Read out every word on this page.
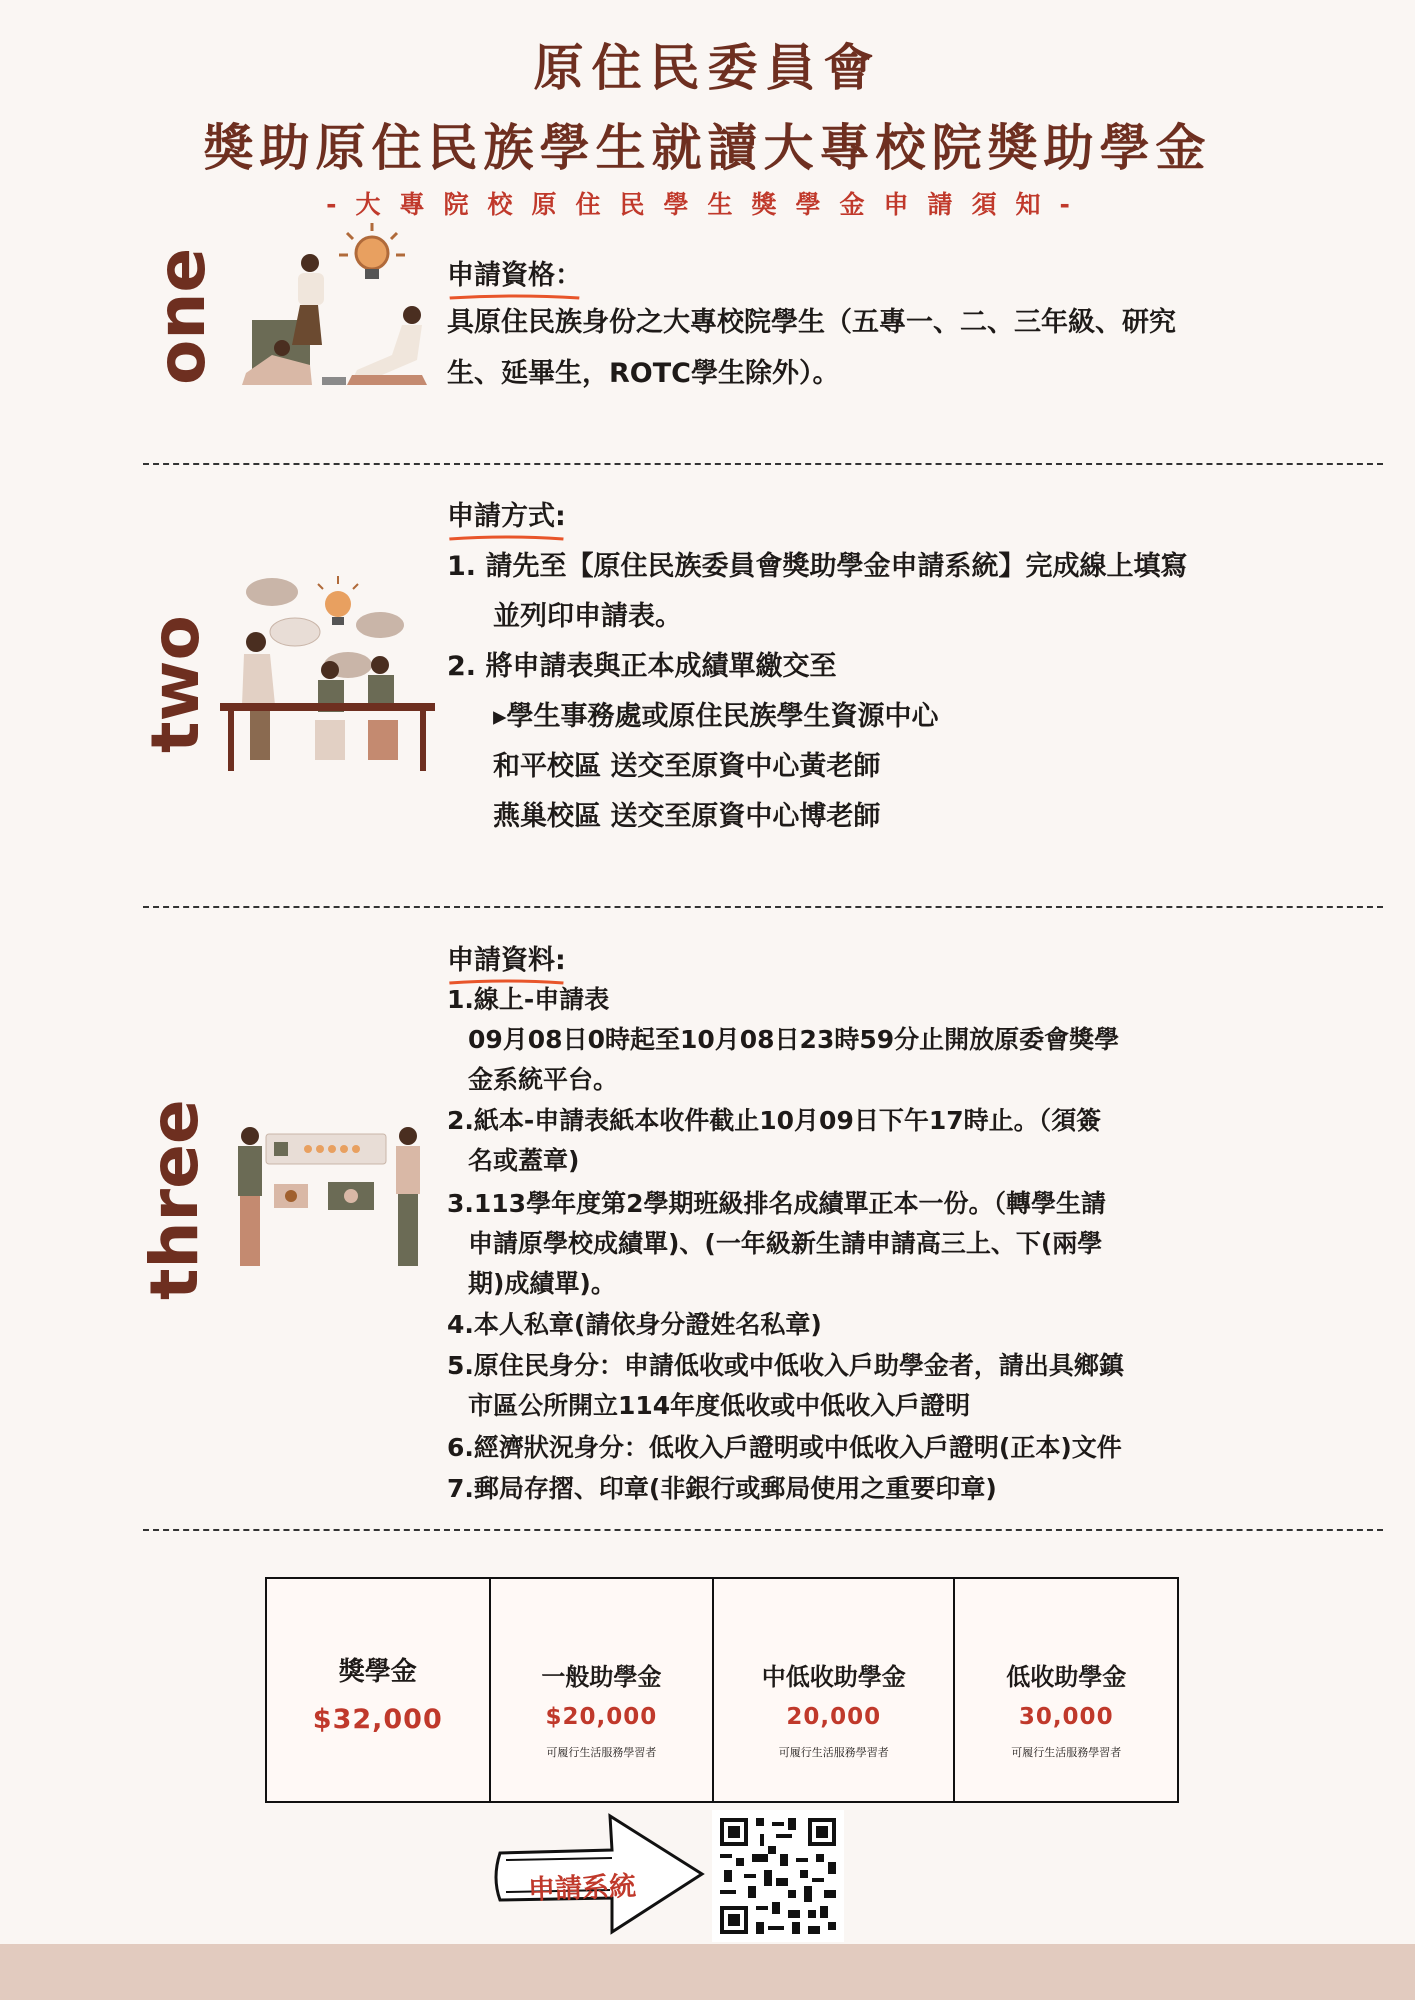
原住民委員會
獎助原住民族學生就讀大專校院獎助學金
-大專院校原住民學生獎學金申請須知-
one	申請資格：
具原住民族身份之大專校院學生（五專一、二、三年級、研究
生、延畢生，ROTC學生除外）。
two
申請方式:
1. 請先至【原住民族委員會獎助學金申請系統】完成線上填寫
並列印申請表。
2. 將申請表與正本成績單繳交至
▸學生事務處或原住民族學生資源中心
和平校區 送交至原資中心黃老師
燕巢校區 送交至原資中心博老師
three
申請資料:
1.線上-申請表
09月08日0時起至10月08日23時59分止開放原委會獎學
金系統平台。
2.紙本-申請表紙本收件截止10月09日下午17時止。（須簽
名或蓋章)
3.113學年度第2學期班級排名成績單正本一份。（轉學生請
申請原學校成績單)、(一年級新生請申請高三上、下(兩學
期)成績單)。
4.本人私章(請依身分證姓名私章)
5.原住民身分：申請低收或中低收入戶助學金者，請出具鄉鎮
市區公所開立114年度低收或中低收入戶證明
6.經濟狀況身分：低收入戶證明或中低收入戶證明(正本)文件
7.郵局存摺、印章(非銀行或郵局使用之重要印章)
獎學金
$32,000
一般助學金
$20,000
可履行生活服務學習者
中低收助學金
20,000
可履行生活服務學習者
低收助學金
30,000
可履行生活服務學習者
申請系統
